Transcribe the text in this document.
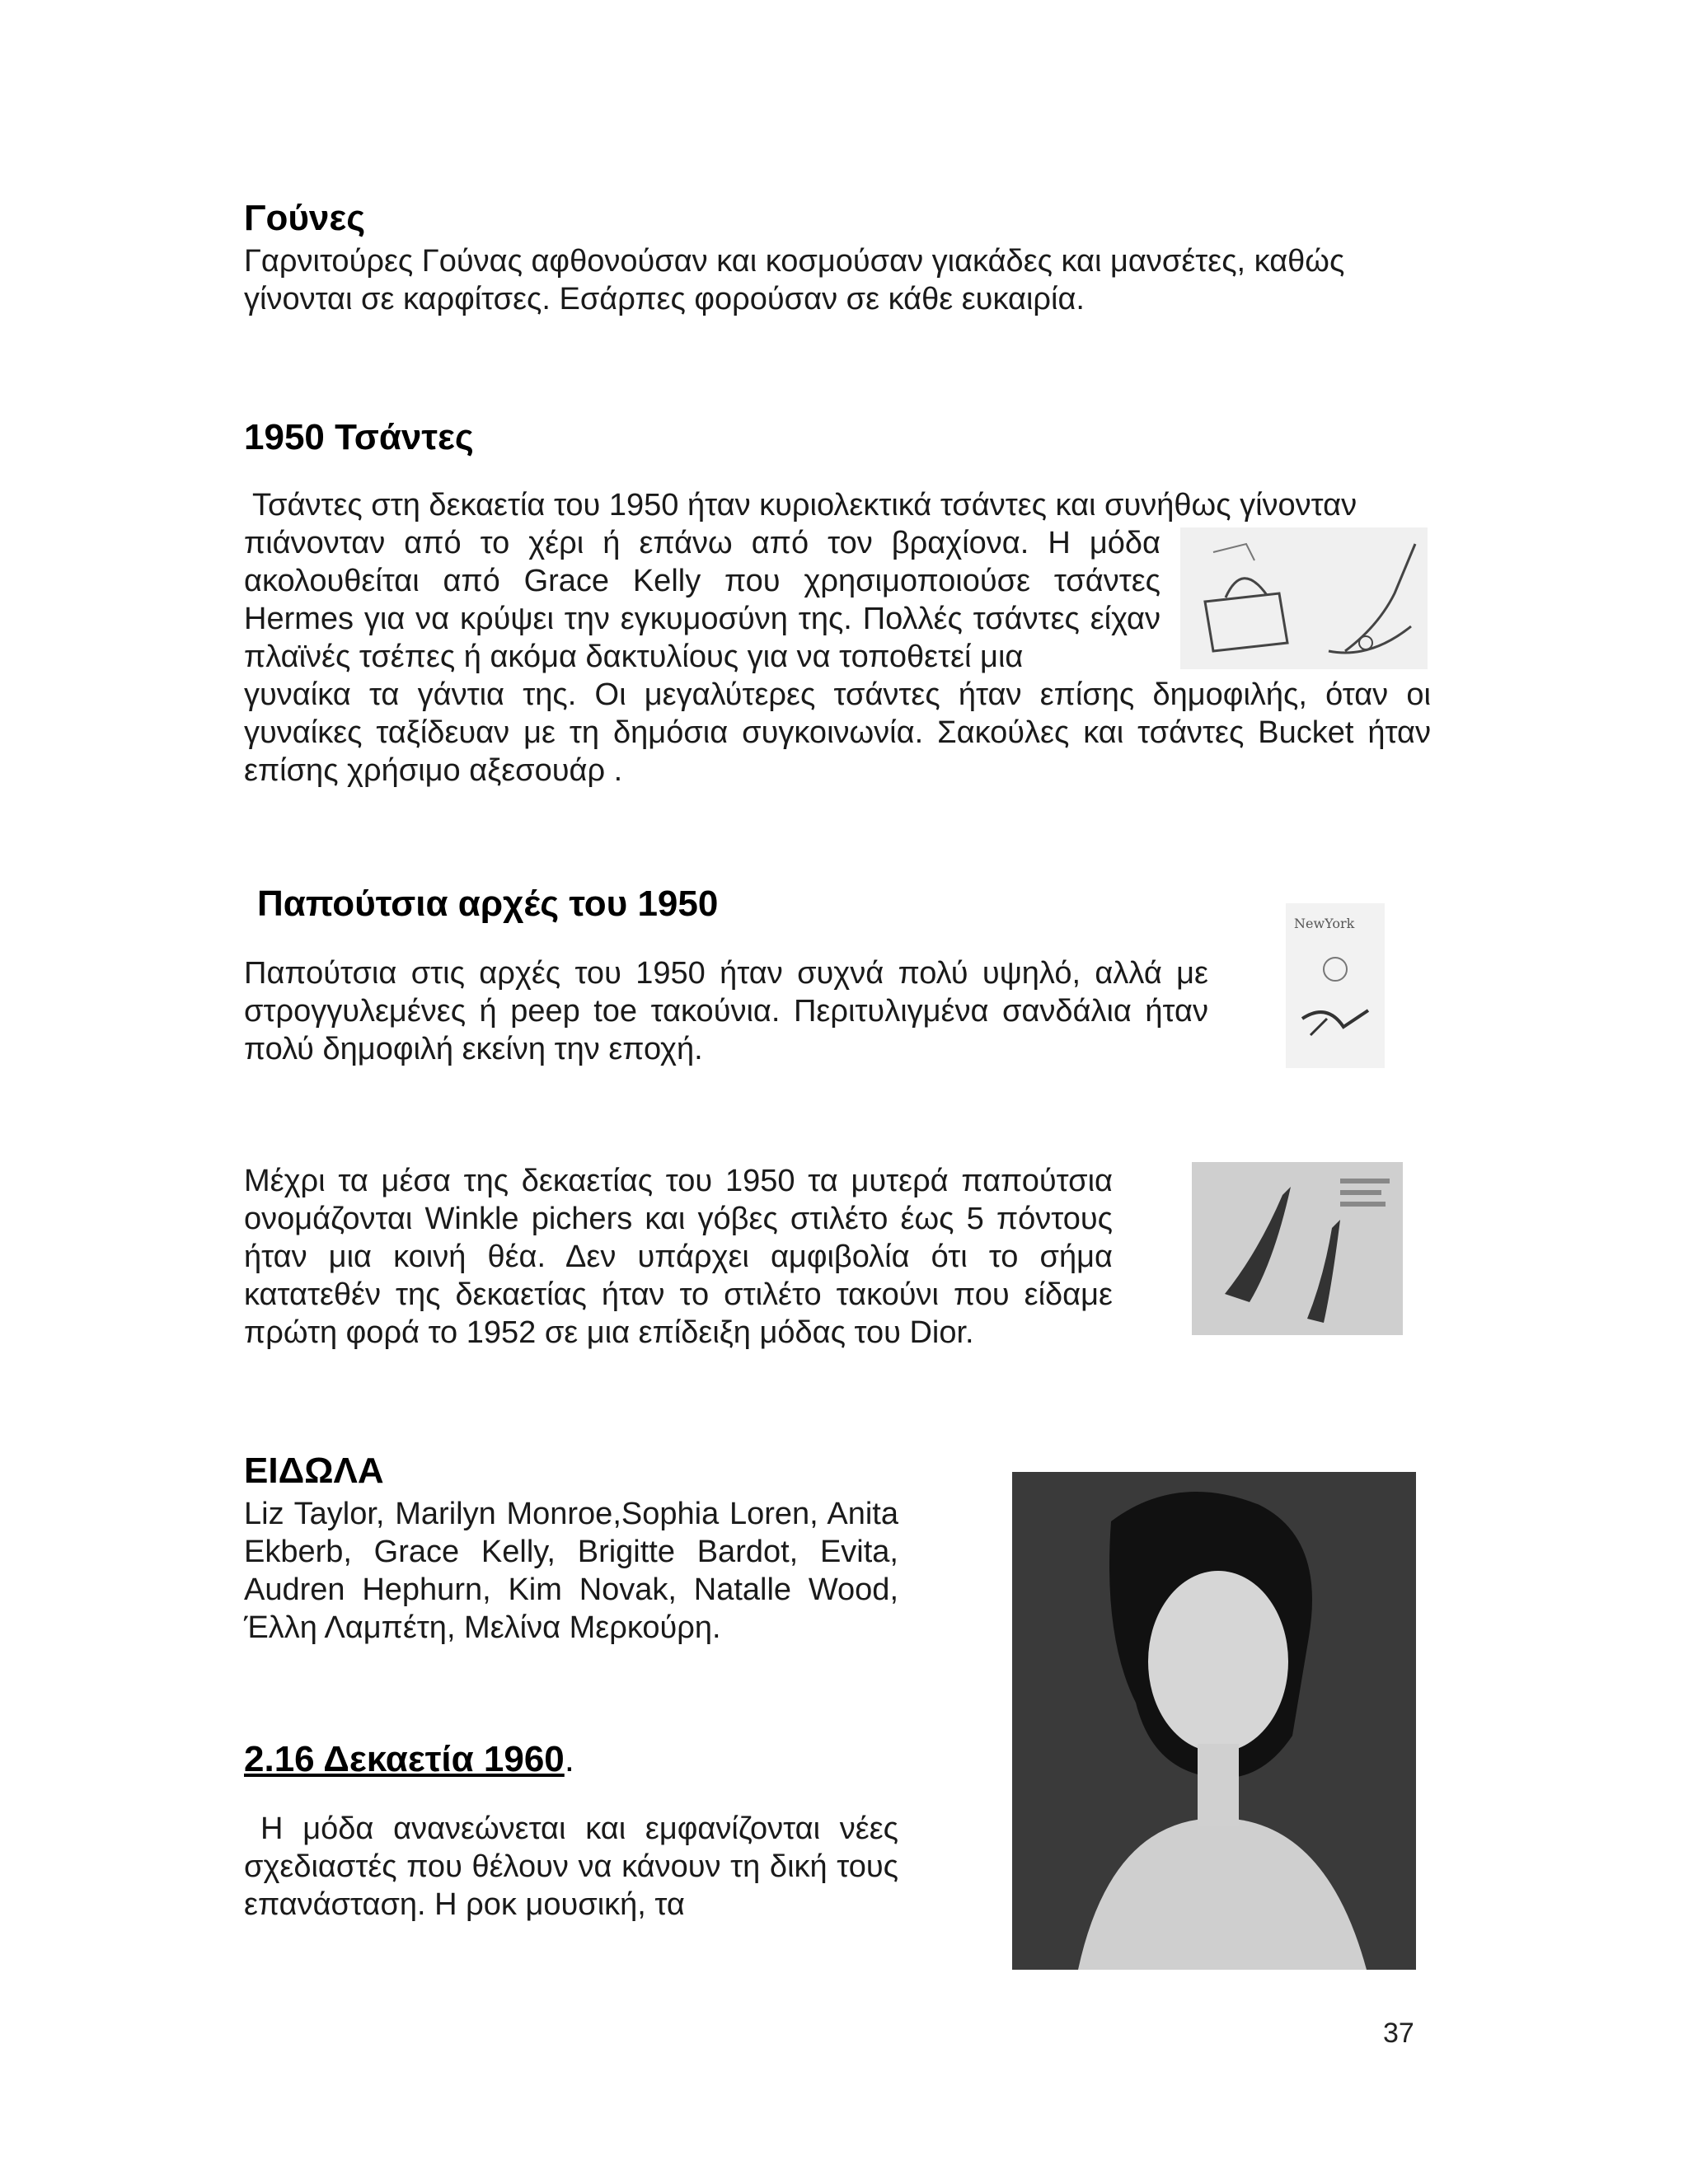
Γούνες

Γαρνιτούρες Γούνας αφθονούσαν και κοσμούσαν γιακάδες και μανσέτες, καθώς γίνονται σε καρφίτσες. Εσάρπες φορούσαν σε κάθε ευκαιρία.

1950 Τσάντες

Τσάντες στη δεκαετία του 1950 ήταν κυριολεκτικά τσάντες και συνήθως γίνονταν

πιάνονταν από το χέρι ή επάνω από τον βραχίονα. Η μόδα ακολουθείται από Grace Kelly που χρησιμοποιούσε τσάντες Hermes για να κρύψει την εγκυμοσύνη της. Πολλές τσάντες είχαν πλαϊνές τσέπες ή ακόμα δακτυλίους για να τοποθετεί μια

γυναίκα τα γάντια της. Οι μεγαλύτερες τσάντες ήταν επίσης δημοφιλής, όταν οι γυναίκες ταξίδευαν με τη δημόσια συγκοινωνία. Σακούλες και τσάντες Bucket ήταν επίσης χρήσιμο αξεσουάρ .

Παπούτσια αρχές του 1950

Παπούτσια στις αρχές του 1950 ήταν συχνά πολύ υψηλό, αλλά με στρογγυλεμένες ή peep toe τακούνια. Περιτυλιγμένα σανδάλια ήταν πολύ δημοφιλή εκείνη την εποχή.

NewYork

Μέχρι τα μέσα της δεκαετίας του 1950 τα μυτερά παπούτσια ονομάζονται Winkle pichers και γόβες στιλέτο έως 5 πόντους ήταν μια κοινή θέα. Δεν υπάρχει αμφιβολία ότι το σήμα κατατεθέν της δεκαετίας ήταν το στιλέτο τακούνι που είδαμε πρώτη φορά το 1952 σε μια επίδειξη μόδας του Dior.

ΕΙΔΩΛΑ

Liz Taylor, Marilyn Monroe,Sophia Loren, Anita Ekberb, Grace Kelly, Brigitte Bardot, Evita, Audren Hephurn, Kim Novak, Natalle Wood, Έλλη Λαμπέτη, Μελίνα Μερκούρη.

2.16 Δεκαετία 1960.

Η μόδα ανανεώνεται και εμφανίζονται νέες σχεδιαστές που θέλουν να κάνουν τη δική τους επανάσταση. Η ροκ μουσική, τα

37
